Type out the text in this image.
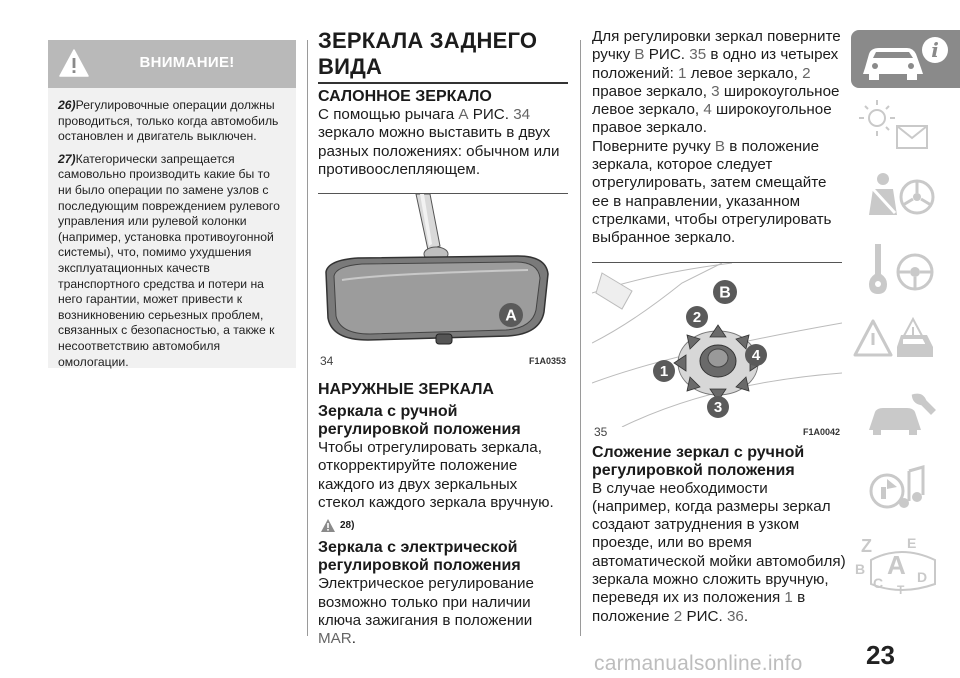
ВНИМАНИЕ!

26)Регулировочные операции должны проводиться, только когда автомобиль остановлен и двигатель выключен.

27)Категорически запрещается самовольно производить какие бы то ни было операции по замене узлов с последующим повреждением рулевого управления или рулевой колонки (например, установка противоугонной системы), что, помимо ухудшения эксплуатационных качеств транспортного средства и потери на него гарантии, может привести к возникновению серьезных проблем, связанных с безопасностью, а также к несоответствию автомобиля омологации.

ЗЕРКАЛА ЗАДНЕГО ВИДА
САЛОННОЕ ЗЕРКАЛО
С помощью рычага А РИС. 34 зеркало можно выставить в двух разных положениях: обычном или противоослепляющем.
A
34	F1A0353
НАРУЖНЫЕ ЗЕРКАЛА
Зеркала с ручной регулировкой положения
Чтобы отрегулировать зеркала, откорректируйте положение каждого из двух зеркальных стекол каждого зеркала вручную.
28)
Зеркала с электрической регулировкой положения
Электрическое регулирование возможно только при наличии ключа зажигания в положении MAR.
Для регулировки зеркал поверните ручку B РИС. 35 в одно из четырех положений: 1 левое зеркало, 2 правое зеркало, 3 широкоугольное левое зеркало, 4 широкоугольное правое зеркало.
Поверните ручку B в положение зеркала, которое следует отрегулировать, затем смещайте ее в направлении, указанном стрелками, чтобы отрегулировать выбранное зеркало.
B
2
4
1
3
35	F1A0042
Сложение зеркал с ручной регулировкой положения
В случае необходимости (например, когда размеры зеркал создают затруднения в узком проезде, или во время автоматической мойки автомобиля) зеркала можно сложить вручную, переведя их из положения 1 в положение 2 РИС. 36.
i

Z	E
B A
C D
T
23
carmanualsonline.info
